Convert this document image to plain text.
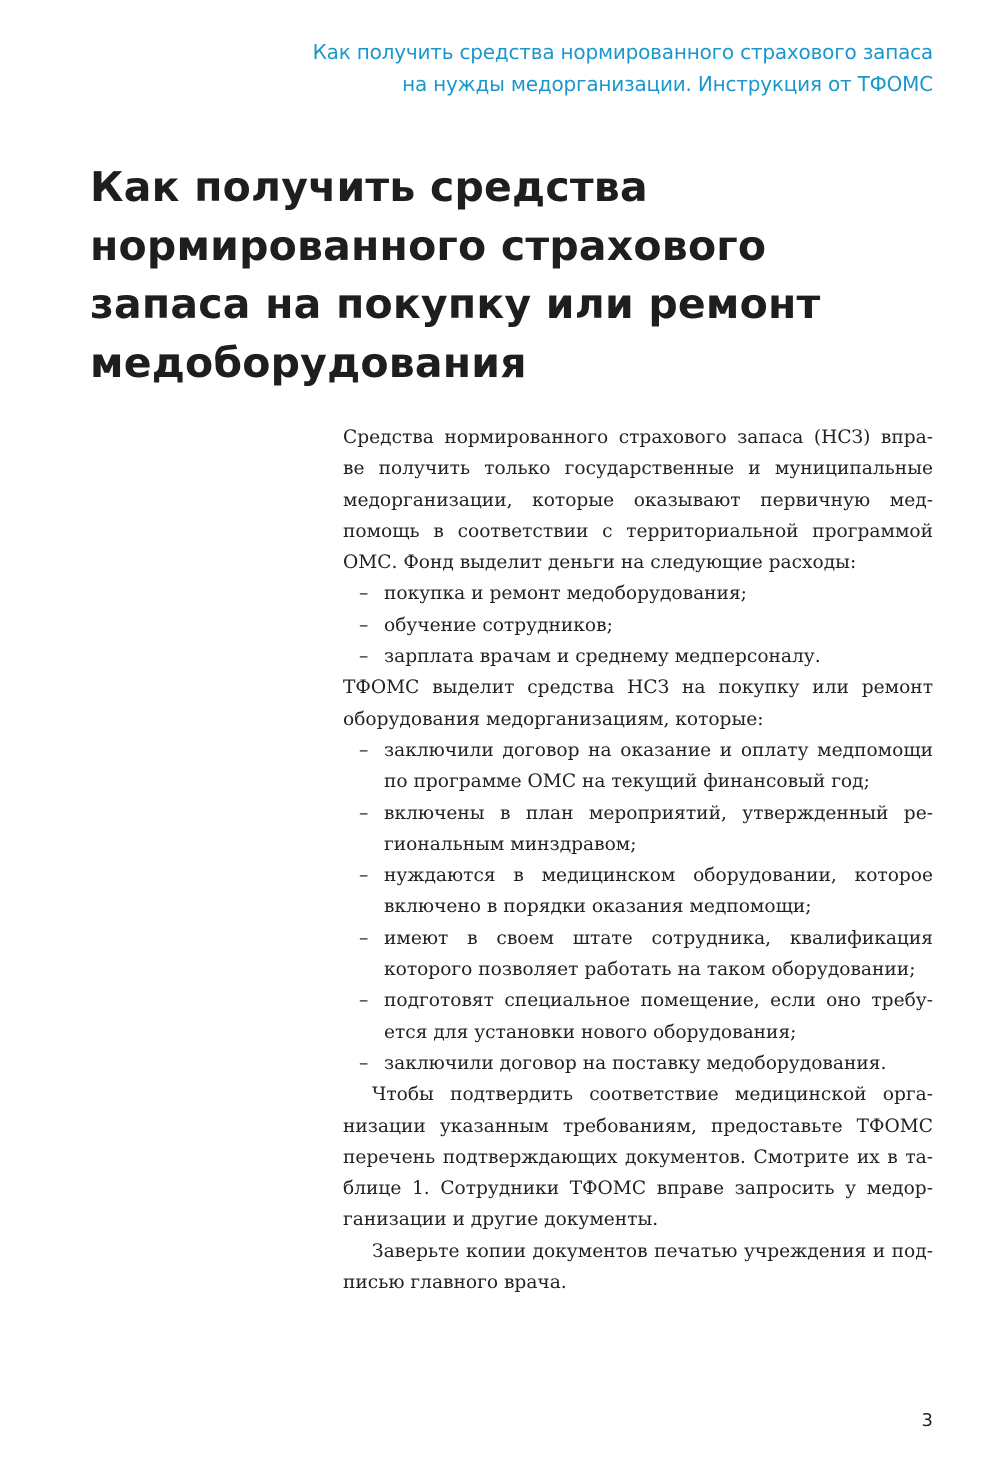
Как получить средства нормированного страхового запаса
на нужды медорганизации. Инструкция от ТФОМС
Как получить средства
нормированного страхового
запаса на покупку или ремонт
медоборудования
Средства нормированного страхового запаса (НСЗ) впра-
ве получить только государственные и муниципальные
медорганизации, которые оказывают первичную мед-
помощь в соответствии с территориальной программой
ОМС. Фонд выделит деньги на следующие расходы:
– покупка и ремонт медоборудования;
– обучение сотрудников;
– зарплата врачам и среднему медперсоналу.
ТФОМС выделит средства НСЗ на покупку или ремонт
оборудования медорганизациям, которые:
– заключили договор на оказание и оплату медпомощи
по программе ОМС на текущий финансовый год;
– включены в план мероприятий, утвержденный ре-
гиональным минздравом;
– нуждаются в медицинском оборудовании, которое
включено в порядки оказания медпомощи;
– имеют в своем штате сотрудника, квалификация
которого позволяет работать на таком оборудовании;
– подготовят специальное помещение, если оно требу-
ется для установки нового оборудования;
– заключили договор на поставку медоборудования.
Чтобы подтвердить соответствие медицинской орга-
низации указанным требованиям, предоставьте ТФОМС
перечень подтверждающих документов. Смотрите их в та-
блице 1. Сотрудники ТФОМС вправе запросить у медор-
ганизации и другие документы.
Заверьте копии документов печатью учреждения и под-
писью главного врача.
3
